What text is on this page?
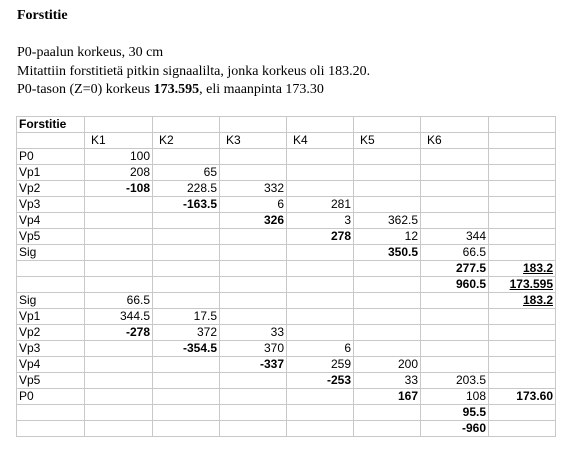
Forstitie
P0-paalun korkeus, 30 cm
Mitattiin forstitietä pitkin signaalilta, jonka korkeus oli 183.20.
P0-tason (Z=0) korkeus 173.595, eli maanpinta 173.30
Forstitie							
	K1	K2	K3	K4	K5	K6	
P0	100						
Vp1	208	65					
Vp2	-108	228.5	332				
Vp3		-163.5	6	281			
Vp4			326	3	362.5		
Vp5				278	12	344	
Sig					350.5	66.5	
						277.5	183.2
						960.5	173.595
Sig	66.5						183.2
Vp1	344.5	17.5					
Vp2	-278	372	33				
Vp3		-354.5	370	6			
Vp4			-337	259	200		
Vp5				-253	33	203.5	
P0					167	108	173.60
						95.5	
						-960	
